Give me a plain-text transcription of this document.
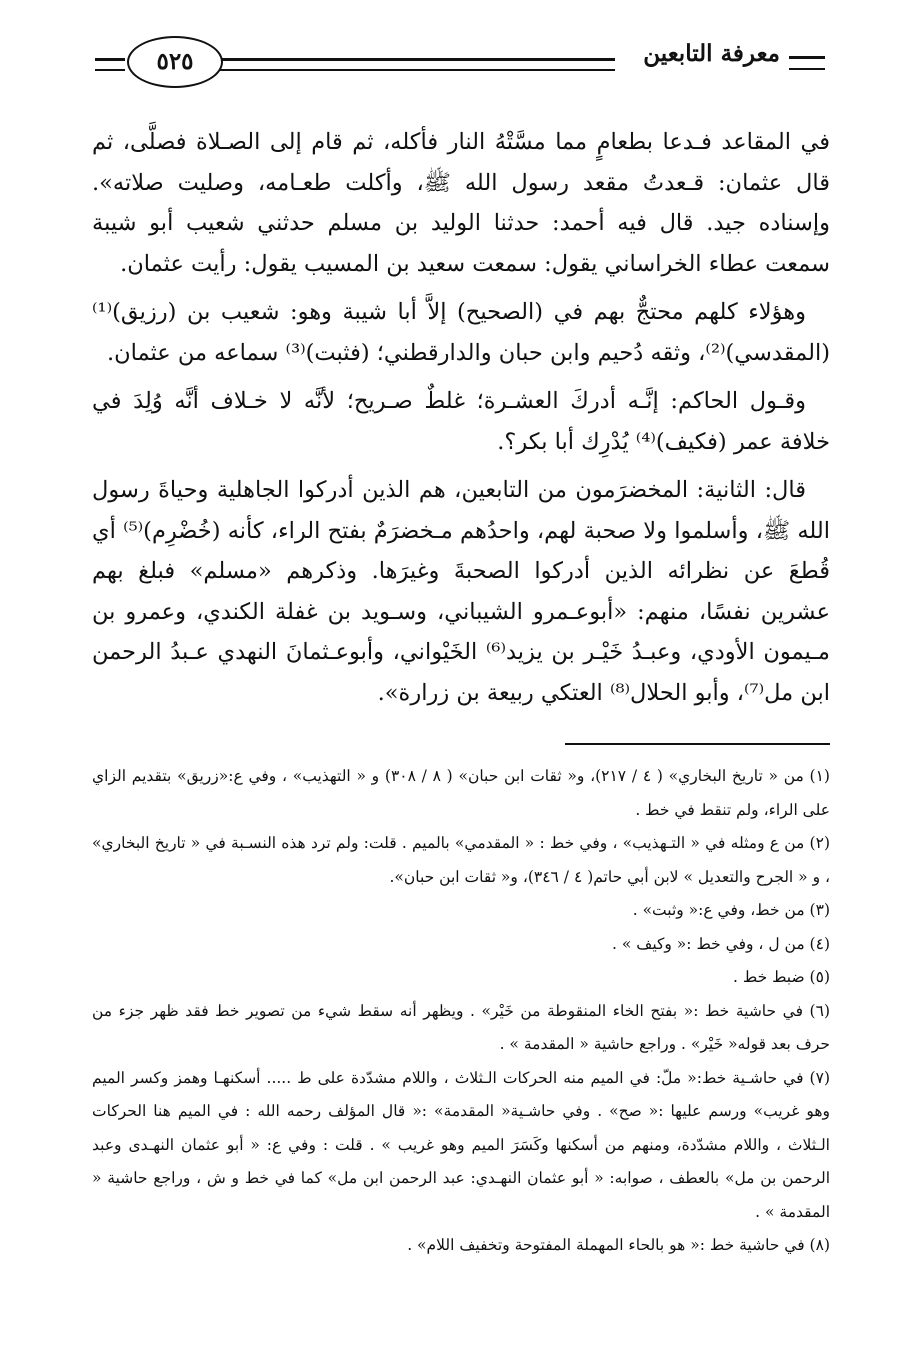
معرفة التابعين
٥٢٥

في المقاعد فـدعا بطعامٍ مما مسَّتْهُ النار فأكله، ثم قام إلى الصـلاة فصلَّى، ثم قال عثمان: قـعدتُ مقعد رسول الله ﷺ، وأكلت طعـامه، وصليت صلاته». وإسناده جيد. قال فيه أحمد: حدثنا الوليد بن مسلم حدثني شعيب أبو شيبة سمعت عطاء الخراساني يقول: سمعت سعيد بن المسيب يقول: رأيت عثمان.

وهؤلاء كلهم محتجٌّ بهم في (الصحيح) إلاَّ أبا شيبة وهو: شعيب بن (رزيق)⁽¹⁾ (المقدسي)⁽²⁾، وثقه دُحيم وابن حبان والدارقطني؛ (فثبت)⁽³⁾ سماعه من عثمان.

وقـول الحاكم: إنَّـه أدركَ العشـرة؛ غلطٌ صـريح؛ لأنَّه لا خـلاف أنَّه وُلِدَ في خلافة عمر (فكيف)⁽⁴⁾ يُدْرِك أبا بكر؟.

قال: الثانية: المخضرَمون من التابعين، هم الذين أدركوا الجاهلية وحياةَ رسول الله ﷺ، وأسلموا ولا صحبة لهم، واحدُهم مـخضرَمٌ بفتح الراء، كأنه (خُضْرِم)⁽⁵⁾ أي قُطعَ عن نظرائه الذين أدركوا الصحبةَ وغيرَها. وذكرهم «مسلم» فبلغ بهم عشرين نفسًا، منهم: «أبوعـمرو الشيباني، وسـويد بن غفلة الكندي، وعمرو بن مـيمون الأودي، وعبـدُ خَيْـر بن يزيد⁽⁶⁾ الخَيْواني، وأبوعـثمانَ النهدي عـبدُ الرحمن ابن مل⁽⁷⁾، وأبو الحلال⁽⁸⁾ العتكي ربيعة بن زرارة».

(١) من « تاريخ البخاري» ( ٤ / ٢١٧)، و« ثقات ابن حبان» ( ٨ / ٣٠٨) و « التهذيب» ، وفي ع:«زريق» بتقديم الزاي على الراء، ولم تنقط في خط .

(٢) من ع ومثله في « التـهذيب» ، وفي خط : « المقدمي» بالميم . قلت: ولم ترد هذه النسـبة في « تاريخ البخاري» ، و « الجرح والتعديل » لابن أبي حاتم( ٤ / ٣٤٦)، و« ثقات ابن حبان».

(٣) من خط، وفي ع:« وثبت» .

(٤) من ل ، وفي خط :« وكيف » .

(٥) ضبط خط .

(٦) في حاشية خط :« بفتح الخاء المنقوطة من خَيْر» . ويظهر أنه سقط شيء من تصوير خط فقد ظهر جزء من حرف بعد قوله« خَيْر» . وراجع حاشية « المقدمة » .

(٧) في حاشـية خط:« ملّ: في الميم منه الحركات الـثلاث ، واللام مشدّدة على ط ..... أسكنهـا وهمز وكسر الميم وهو غريب» ورسم عليها :« صح» . وفي حاشـية« المقدمة» :« قال المؤلف رحمه الله : في الميم هنا الحركات الـثلاث ، واللام مشدّدة، ومنهم من أسكنها وكَسَرَ الميم وهو غريب » . قلت : وفي ع: « أبو عثمان النهـدى وعبد الرحمن بن مل» بالعطف ، صوابه: « أبو عثمان النهـدي: عبد الرحمن ابن مل» كما في خط و ش ، وراجع حاشية « المقدمة » .

(٨) في حاشية خط :« هو بالحاء المهملة المفتوحة وتخفيف اللام» .
